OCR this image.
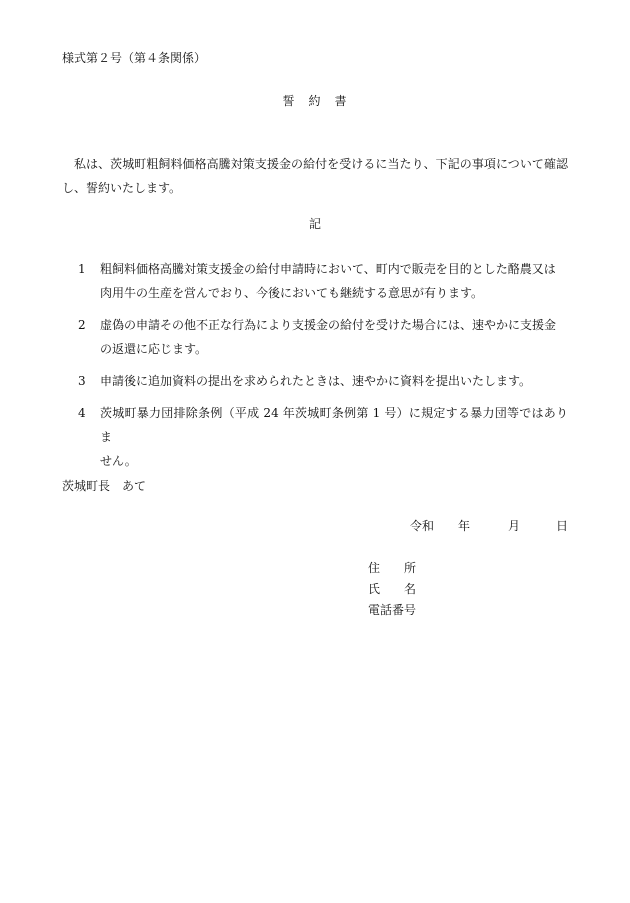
様式第２号（第４条関係）
誓　約　書
私は、茨城町粗飼料価格高騰対策支援金の給付を受けるに当たり、下記の事項について確認し、誓約いたします。
記
1 粗飼料価格高騰対策支援金の給付申請時において、町内で販売を目的とした酪農又は
肉用牛の生産を営んでおり、今後においても継続する意思が有ります。
2 虚偽の申請その他不正な行為により支援金の給付を受けた場合には、速やかに支援金
の返還に応じます。
3 申請後に追加資料の提出を求められたときは、速やかに資料を提出いたします。
4 茨城町暴力団排除条例（平成 24 年茨城町条例第 1 号）に規定する暴力団等ではありま
せん。
茨城町長　あて
令和 年	月	日
住 所
氏 名
電話番号
